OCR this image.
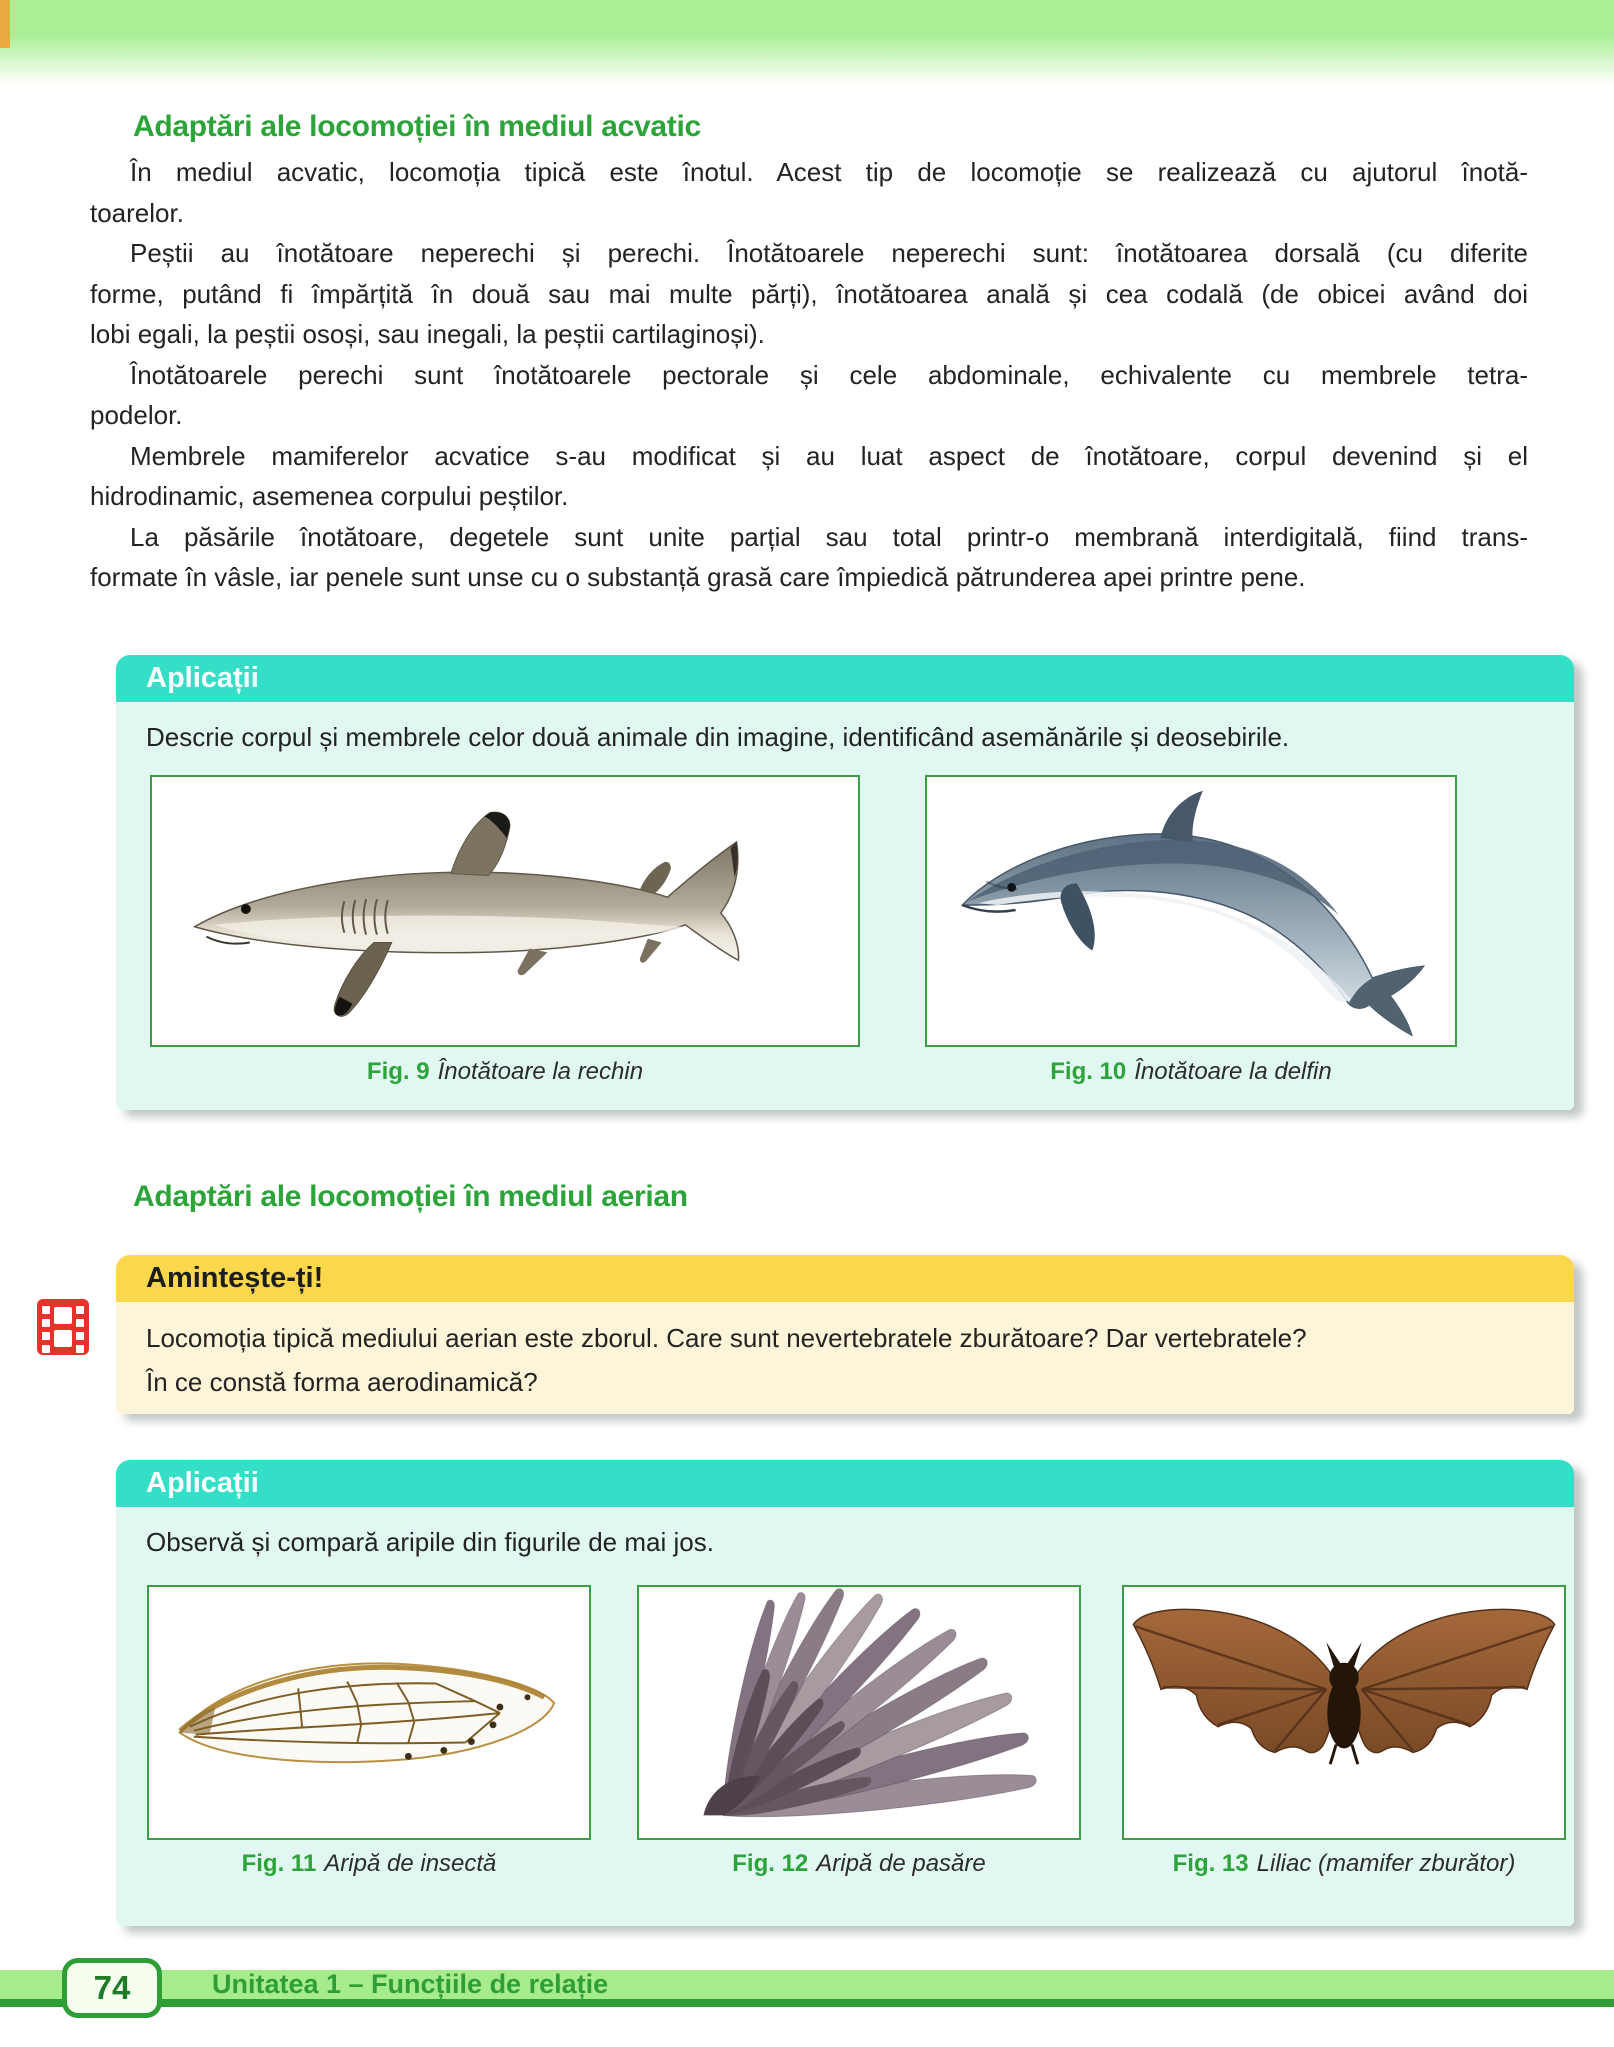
Adaptări ale locomoției în mediul acvatic
În mediul acvatic, locomoția tipică este înotul. Acest tip de locomoție se realizează cu ajutorul înotă-
toarelor.
Peștii au înotătoare neperechi și perechi. Înotătoarele neperechi sunt: înotătoarea dorsală (cu diferite
forme, putând fi împărțită în două sau mai multe părți), înotătoarea anală și cea codală (de obicei având doi
lobi egali, la peștii osoși, sau inegali, la peștii cartilaginoși).
Înotătoarele perechi sunt înotătoarele pectorale și cele abdominale, echivalente cu membrele tetra-
podelor.
Membrele mamiferelor acvatice s-au modificat și au luat aspect de înotătoare, corpul devenind și el
hidrodinamic, asemenea corpului peștilor.
La păsările înotătoare, degetele sunt unite parțial sau total printr-o membrană interdigitală, fiind trans-
formate în vâsle, iar penele sunt unse cu o substanță grasă care împiedică pătrunderea apei printre pene.
Aplicații
Descrie corpul și membrele celor două animale din imagine, identificând asemănările și deosebirile.
Fig. 9 Înotătoare la rechin	Fig. 10 Înotătoare la delfin
Adaptări ale locomoției în mediul aerian
Amintește-ți!
Locomoția tipică mediului aerian este zborul. Care sunt nevertebratele zburătoare? Dar vertebratele?
În ce constă forma aerodinamică?
Aplicații
Observă și compară aripile din figurile de mai jos.
Fig. 11 Aripă de insectă	Fig. 12 Aripă de pasăre	Fig. 13 Liliac (mamifer zburător)
74	Unitatea 1 – Funcțiile de relație
